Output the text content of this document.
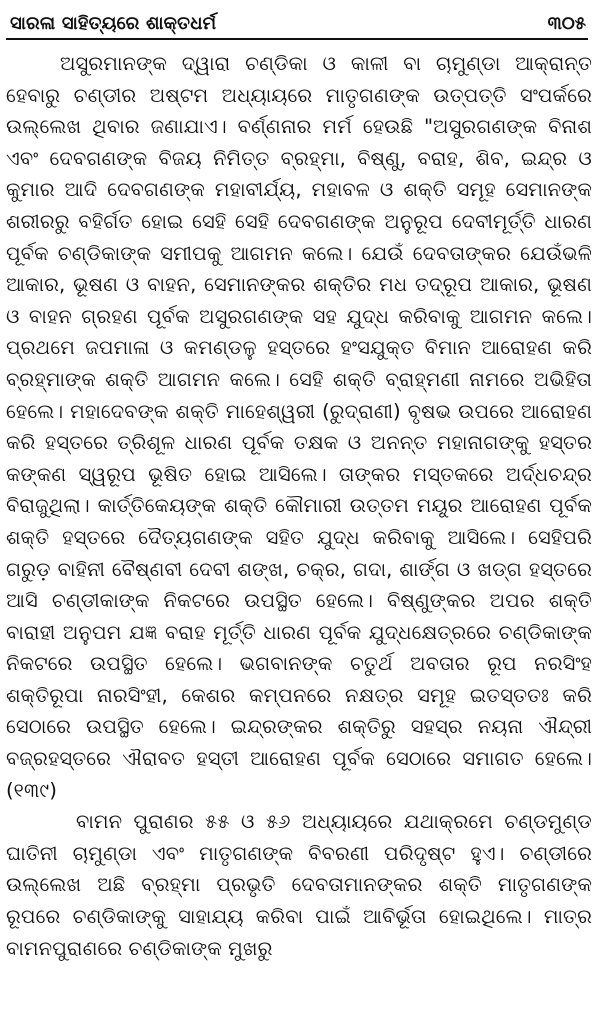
ସାରଳା ସାହିତ୍ୟରେ ଶାକ୍ତଧର୍ମ	୩୦୫

ଅସୁରମାନଙ୍କ ଦ୍ୱାରା ଚଣ୍ଡିକା ଓ କାଳୀ ବା ଚାମୁଣ୍ଡା ଆକ୍ରାନ୍ତ ହେବାରୁ ଚଣ୍ଡୀର ଅଷ୍ଟମ ଅଧ୍ୟାୟରେ ମାତୃଗଣଙ୍କ ଉତ୍ପତ୍ତି ସଂପର୍କରେ ଉଲ୍ଲେଖ ଥିବାର ଜଣାଯାଏ। ବର୍ଣ୍ଣନାର ମର୍ମ ହେଉଛି "ଅସୁରଗଣଙ୍କ ବିନାଶ ଏବଂ ଦେବଗଣଙ୍କ ବିଜୟ ନିମିତ୍ତ ବ୍ରହ୍ମା, ବିଷ୍ଣୁ, ବରାହ, ଶିବ, ଇନ୍ଦ୍ର ଓ କୁମାର ଆଦି ଦେବଗଣଙ୍କ ମହାବୀର୍ଯ୍ୟ, ମହାବଳ ଓ ଶକ୍ତି ସମୂହ ସେମାନଙ୍କ ଶରୀରରୁ ବହିର୍ଗତ ହୋଇ ସେହି ସେହି ଦେବଗଣଙ୍କ ଅନୁରୂପ ଦେବୀମୂର୍ତ୍ତି ଧାରଣ ପୂର୍ବକ ଚଣ୍ଡିକାଙ୍କ ସମୀପକୁ ଆଗମନ କଲେ। ଯେଉଁ ଦେବତାଙ୍କର ଯେଉଁଭଳି ଆକାର, ଭୂଷଣ ଓ ବାହନ, ସେମାନଙ୍କର ଶକ୍ତିର ମଧ ତଦ୍ରୂପ ଆକାର, ଭୂଷଣ ଓ ବାହନ ଗ୍ରହଣ ପୂର୍ବକ ଅସୁରଗଣଙ୍କ ସହ ଯୁଦ୍ଧ କରିବାକୁ ଆଗମନ କଲେ। ପ୍ରଥମେ ଜପମାଳା ଓ କମଣ୍ଡଳୁ ହସ୍ତରେ ହଂସଯୁକ୍ତ ବିମାନ ଆରୋହଣ କରି ବ୍ରହ୍ମାଙ୍କ ଶକ୍ତି ଆଗମନ କଲେ। ସେହି ଶକ୍ତି ବ୍ରାହ୍ମଣୀ ନାମରେ ଅଭିହିତା ହେଲେ। ମହାଦେବଙ୍କ ଶକ୍ତି ମାହେଶ୍ୱରୀ (ରୁଦ୍ରାଣୀ) ବୃଷଭ ଉପରେ ଆରୋହଣ କରି ହସ୍ତରେ ତ୍ରିଶୂଳ ଧାରଣ ପୂର୍ବକ ତକ୍ଷକ ଓ ଅନନ୍ତ ମହାନାଗଙ୍କୁ ହସ୍ତର କଙ୍କଣ ସ୍ୱରୂପ ଭୂଷିତ ହୋଇ ଆସିଲେ। ତାଙ୍କର ମସ୍ତକରେ ଅର୍ଦ୍ଧଚନ୍ଦ୍ର ବିରାଜୁଥିଲା। କାର୍ତ୍ତିକେୟଙ୍କ ଶକ୍ତି କୌମାରୀ ଉତ୍ତମ ମୟୂର ଆରୋହଣ ପୂର୍ବକ ଶକ୍ତି ହସ୍ତରେ ଦୈତ୍ୟଗଣଙ୍କ ସହିତ ଯୁଦ୍ଧ କରିବାକୁ ଆସିଲେ। ସେହିପରି ଗରୁଡ଼ ବାହିନୀ ବୈଷ୍ଣବୀ ଦେବୀ ଶଙ୍ଖ, ଚକ୍ର, ଗଦା, ଶାର୍ଙ୍ଗ ଓ ଖଡ୍ଗ ହସ୍ତରେ ଆସି ଚଣ୍ଡୀକାଙ୍କ ନିକଟରେ ଉପସ୍ଥିତ ହେଲେ। ବିଷ୍ଣୁଙ୍କର ଅପର ଶକ୍ତି ବାରାହୀ ଅନୁପମ ଯଜ୍ଞ ବରାହ ମୂର୍ତ୍ତି ଧାରଣ ପୂର୍ବକ ଯୁଦ୍ଧକ୍ଷେତ୍ରରେ ଚଣ୍ଡିକାଙ୍କ ନିକଟରେ ଉପସ୍ଥିତ ହେଲେ। ଭଗବାନଙ୍କ ଚତୁର୍ଥ ଅବତାର ରୂପ ନରସିଂହ ଶକ୍ତିରୂପା ନାରସିଂହୀ, କେଶର କମ୍ପନରେ ନକ୍ଷତ୍ର ସମୂହ ଇତସ୍ତତଃ କରି ସେଠାରେ ଉପସ୍ଥିତ ହେଲେ। ଇନ୍ଦ୍ରଙ୍କର ଶକ୍ତିରୁ ସହସ୍ର ନୟନା ଐନ୍ଦ୍ରୀ ବଜ୍ରହସ୍ତରେ ଐରାବତ ହସ୍ତୀ ଆରୋହଣ ପୂର୍ବକ ସେଠାରେ ସମାଗତ ହେଲେ।(୧୩୯)

ବାମନ ପୁରାଣର ୫୫ ଓ ୫୬ ଅଧ୍ୟାୟରେ ଯଥାକ୍ରମେ ଚଣ୍ଡମୁଣ୍ଡ ଘାତିନୀ ଚାମୁଣ୍ଡା ଏବଂ ମାତୃଗଣଙ୍କ ବିବରଣୀ ପରିଦୃଷ୍ଟ ହୁଏ। ଚଣ୍ଡୀରେ ଉଲ୍ଲେଖ ଅଛି ବ୍ରହ୍ମା ପ୍ରଭୃତି ଦେବତାମାନଙ୍କର ଶକ୍ତି ମାତୃଗଣଙ୍କ ରୂପରେ ଚଣ୍ଡିକାଙ୍କୁ ସାହାଯ୍ୟ କରିବା ପାଇଁ ଆବିର୍ଭୂତା ହୋଇଥିଲେ। ମାତ୍ର ବାମନପୁରାଣରେ ଚଣ୍ଡିକାଙ୍କ ମୁଖରୁ
